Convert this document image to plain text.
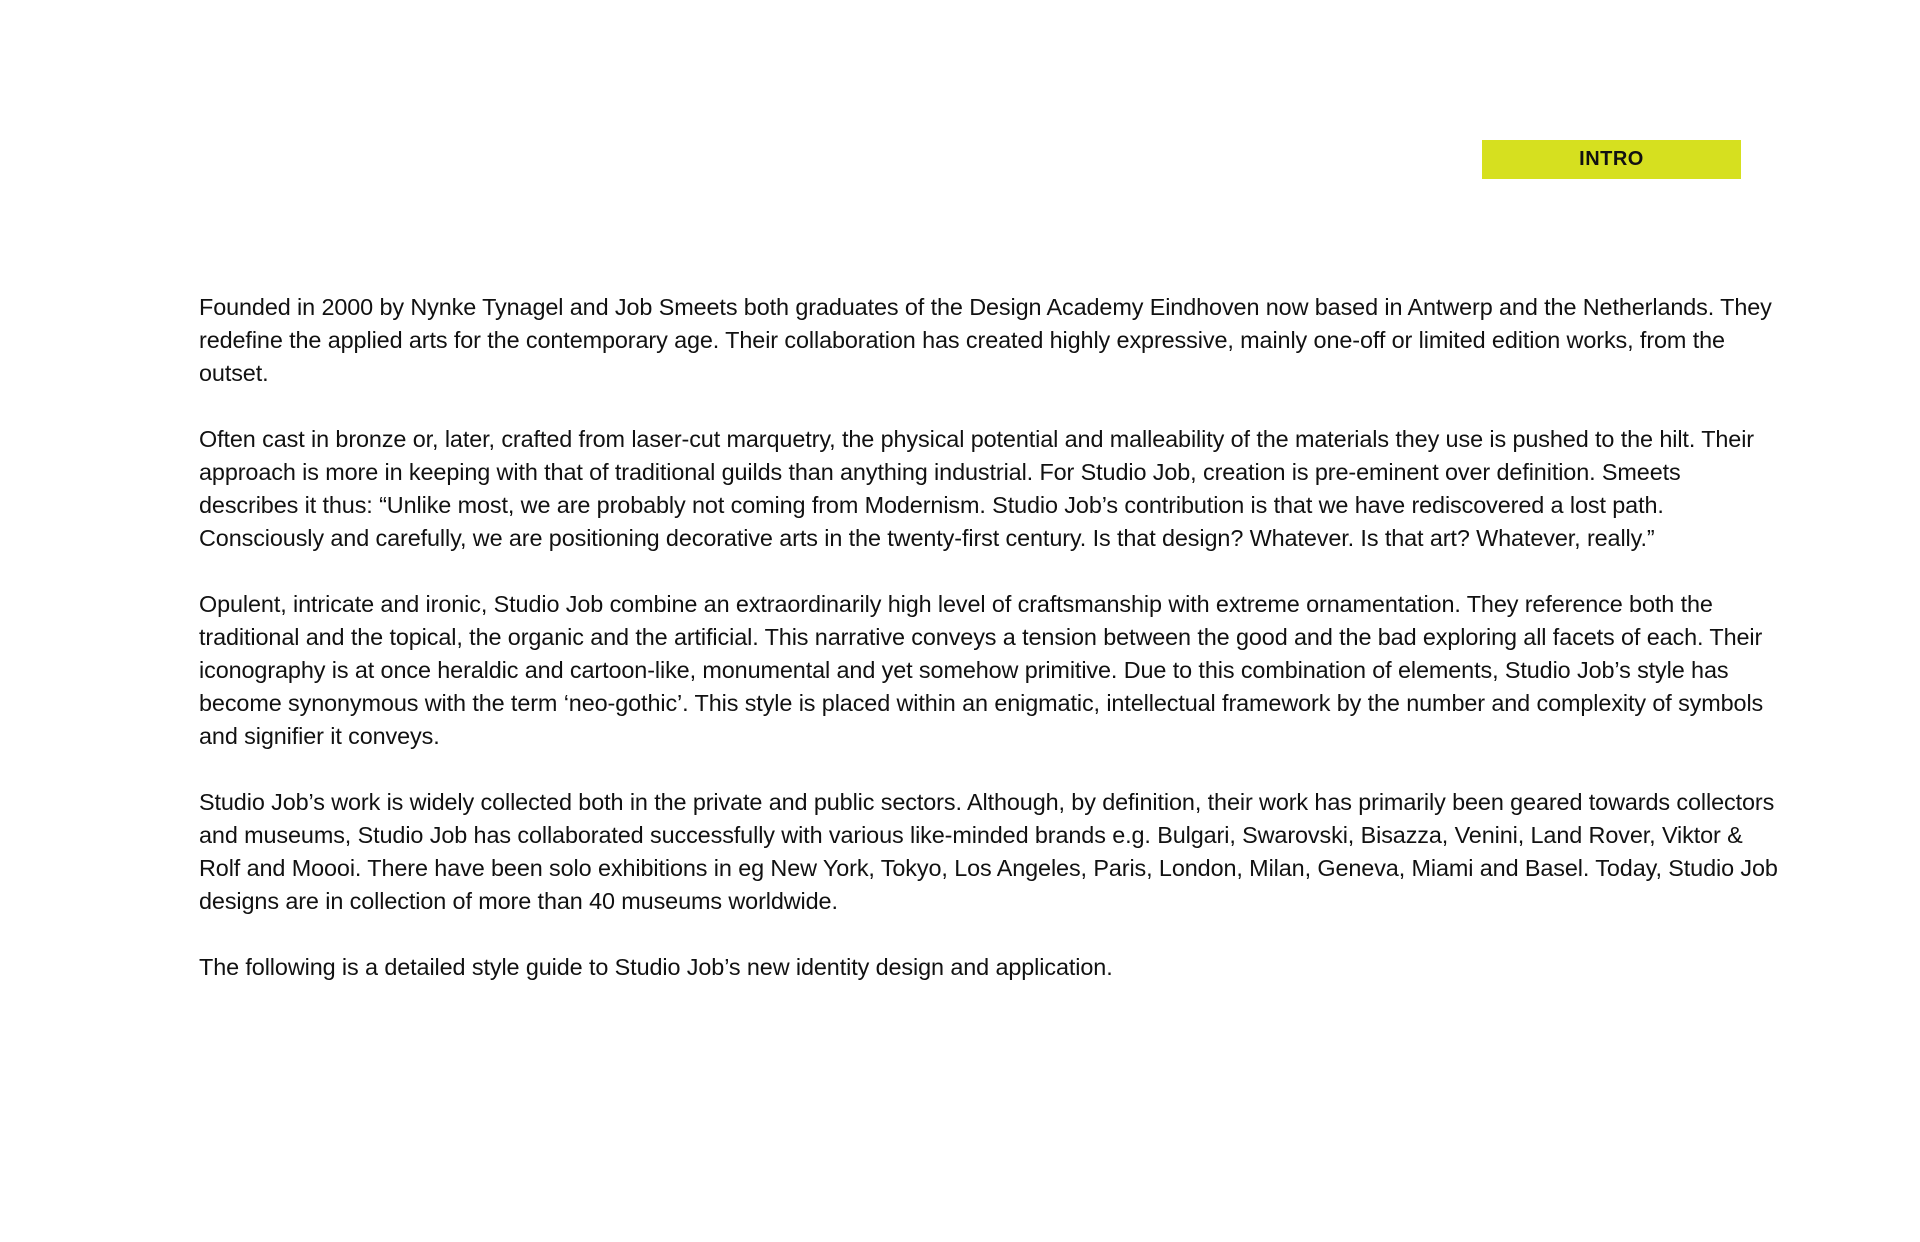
INTRO

Founded in 2000 by Nynke Tynagel and Job Smeets both graduates of the Design Academy Eindhoven now based in Antwerp and the Netherlands. They redefine the applied arts for the contemporary age. Their collaboration has created highly expressive, mainly one-off or limited edition works, from the outset.

Often cast in bronze or, later, crafted from laser-cut marquetry, the physical potential and malleability of the materials they use is pushed to the hilt. Their approach is more in keeping with that of traditional guilds than anything industrial. For Studio Job, creation is pre-eminent over definition. Smeets describes it thus: “Unlike most, we are probably not coming from Modernism. Studio Job’s contribution is that we have rediscovered a lost path. Consciously and carefully, we are positioning decorative arts in the twenty-first century. Is that design? Whatever. Is that art? Whatever, really.”

Opulent, intricate and ironic, Studio Job combine an extraordinarily high level of craftsmanship with extreme ornamentation. They reference both the traditional and the topical, the organic and the artificial. This narrative conveys a tension between the good and the bad exploring all facets of each. Their iconography is at once heraldic and cartoon-like, monumental and yet somehow primitive. Due to this combination of elements, Studio Job’s style has become synonymous with the term ‘neo-gothic’. This style is placed within an enigmatic, intellectual framework by the number and complexity of symbols and signifier it conveys.

Studio Job’s work is widely collected both in the private and public sectors. Although, by definition, their work has primarily been geared towards collectors and museums, Studio Job has collaborated successfully with various like-minded brands e.g. Bulgari, Swarovski, Bisazza, Venini, Land Rover, Viktor & Rolf and Moooi. There have been solo exhibitions in eg New York, Tokyo, Los Angeles, Paris, London, Milan, Geneva, Miami and Basel. Today, Studio Job designs are in collection of more than 40 museums worldwide.

The following is a detailed style guide to Studio Job’s new identity design and application.
